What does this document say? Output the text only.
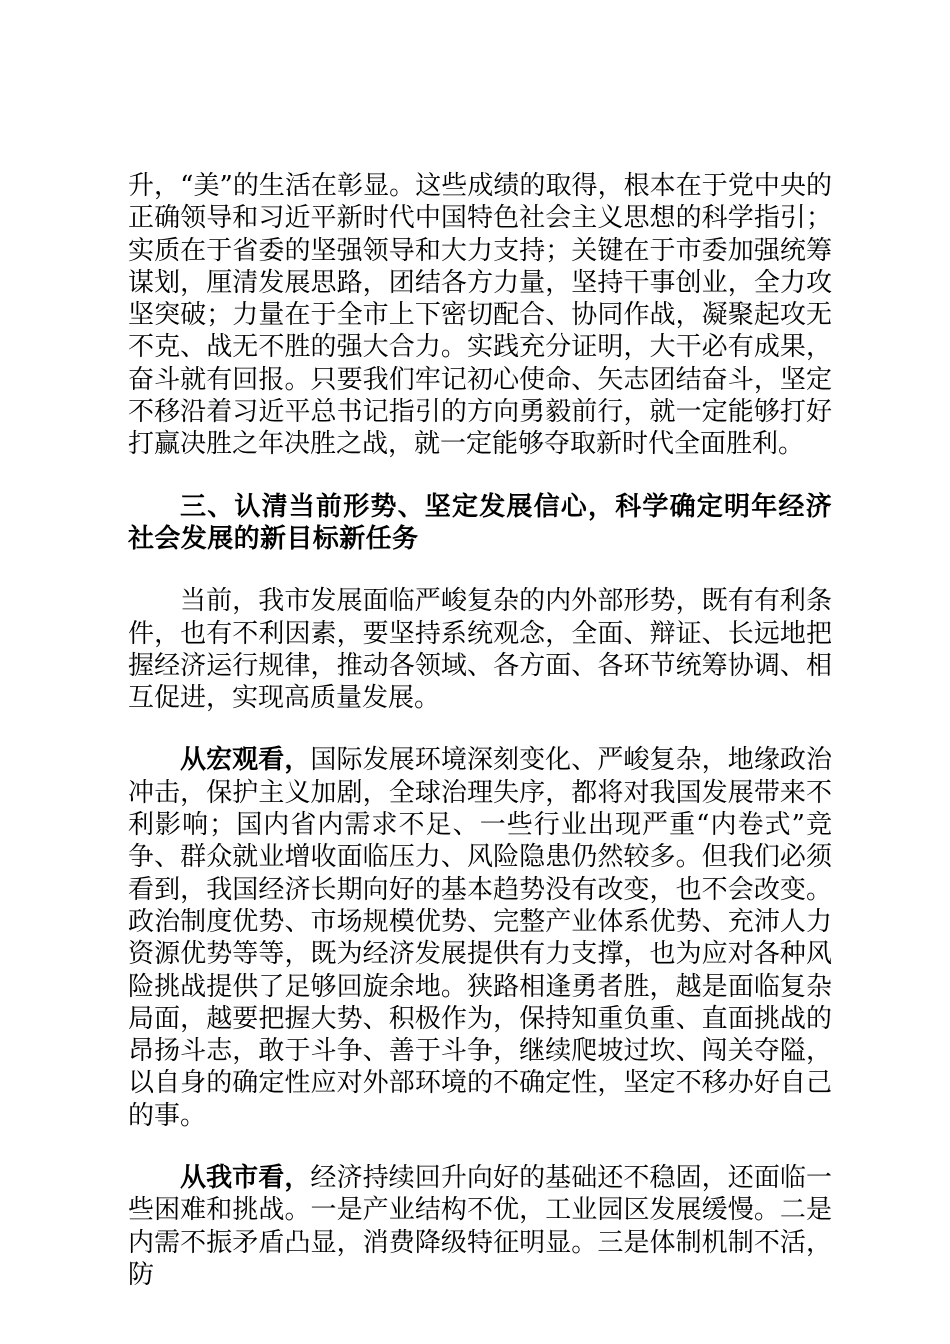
升，“美”的生活在彰显。这些成绩的取得，根本在于党中央的正确领导和习近平新时代中国特色社会主义思想的科学指引；实质在于省委的坚强领导和大力支持；关键在于市委加强统筹谋划，厘清发展思路，团结各方力量，坚持干事创业，全力攻坚突破；力量在于全市上下密切配合、协同作战，凝聚起攻无不克、战无不胜的强大合力。实践充分证明，大干必有成果，奋斗就有回报。只要我们牢记初心使命、矢志团结奋斗，坚定不移沿着习近平总书记指引的方向勇毅前行，就一定能够打好打赢决胜之年决胜之战，就一定能够夺取新时代全面胜利。

三、认清当前形势、坚定发展信心，科学确定明年经济社会发展的新目标新任务

当前，我市发展面临严峻复杂的内外部形势，既有有利条件，也有不利因素，要坚持系统观念，全面、辩证、长远地把握经济运行规律，推动各领域、各方面、各环节统筹协调、相互促进，实现高质量发展。

从宏观看，国际发展环境深刻变化、严峻复杂，地缘政治冲击，保护主义加剧，全球治理失序，都将对我国发展带来不利影响；国内省内需求不足、一些行业出现严重“内卷式”竞争、群众就业增收面临压力、风险隐患仍然较多。但我们必须看到，我国经济长期向好的基本趋势没有改变，也不会改变。政治制度优势、市场规模优势、完整产业体系优势、充沛人力资源优势等等，既为经济发展提供有力支撑，也为应对各种风险挑战提供了足够回旋余地。狭路相逢勇者胜，越是面临复杂局面，越要把握大势、积极作为，保持知重负重、直面挑战的昂扬斗志，敢于斗争、善于斗争，继续爬坡过坎、闯关夺隘，以自身的确定性应对外部环境的不确定性，坚定不移办好自己的事。

从我市看，经济持续回升向好的基础还不稳固，还面临一些困难和挑战。一是产业结构不优，工业园区发展缓慢。二是内需不振矛盾凸显，消费降级特征明显。三是体制机制不活，防
